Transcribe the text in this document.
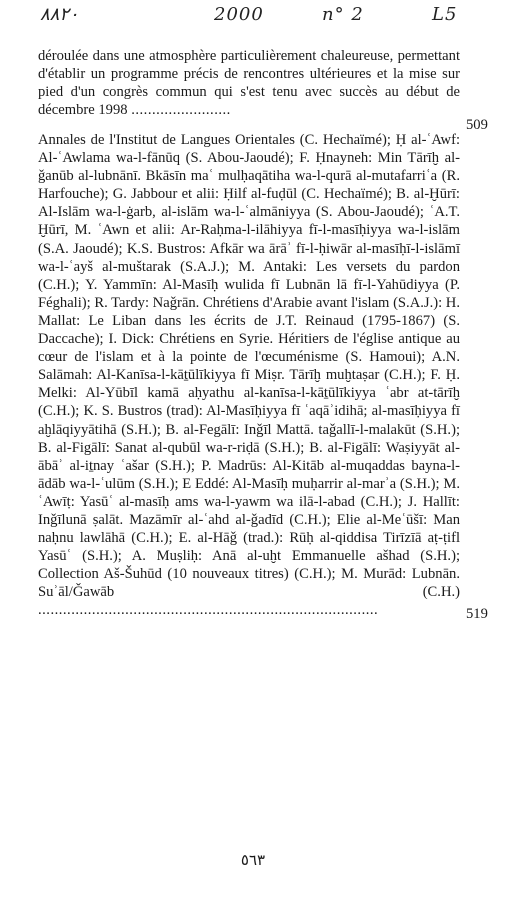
۸۸۲۰	2000	n° 2	L5
déroulée dans une atmosphère particulièrement chaleureuse, permettant d'établir un programme précis de rencontres ultérieures et la mise sur pied d'un congrès commun qui s'est tenu avec succès au début de décembre 1998 ........................
509
Annales de l'Institut de Langues Orientales (C. Hechaïmé); Ḥ al-ʿAwf: Al-ʿAwlama wa-l-fānūq (S. Abou-Jaoudé); F. Ḥnayneh: Min Tārīḫ al-ǧanūb al-lubnānī. Bkāsīn maʿ mulḥaqātiha wa-l-qurā al-mutafarriʿa (R. Harfouche); G. Jabbour et alii: Ḥilf al-fuḍūl (C. Hechaïmé); B. al-Ḫūrī: Al-Islām wa-l-ġarb, al-islām wa-l-ʿalmāniyya (S. Abou-Jaoudé); ʿA.T. Ḫūrī, M. ʿAwn et alii: Ar-Raḥma-l-ilāhiyya fī-l-masīḥiyya wa-l-islām (S.A. Jaoudé); K.S. Bustros: Afkār wa ārāʾ fī-l-ḥiwār al-masīḥī-l-islāmī wa-l-ʿayš al-muštarak (S.A.J.); M. Antaki: Les versets du pardon (C.H.); Y. Yammīn: Al-Masīḥ wulida fī Lubnān lā fī-l-Yahūdiyya (P. Féghali); R. Tardy: Naǧrān. Chrétiens d'Arabie avant l'islam (S.A.J.): H. Mallat: Le Liban dans les écrits de J.T. Reinaud (1795-1867) (S. Daccache); I. Dick: Chrétiens en Syrie. Héritiers de l'église antique au cœur de l'islam et à la pointe de l'œcuménisme (S. Hamoui); A.N. Salāmah: Al-Kanīsa-l-kāṯūlīkiyya fī Miṣr. Tārīḫ muḫtaṣar (C.H.); F. Ḥ. Melki: Al-Yūbīl kamā aḥyathu al-kanīsa-l-kāṯūlīkiyya ʿabr at-tārīḫ (C.H.); K. S. Bustros (trad): Al-Masīḥiyya fī ʿaqāʾidihā; al-masīḥiyya fī aḫlāqiyyātihā (S.H.); B. al-Fegālī: Inǧīl Mattā. taǧallī-l-malakūt (S.H.); B. al-Figālī: Sanat al-qubūl wa-r-riḍā (S.H.); B. al-Figālī: Waṣiyyāt al-ābāʾ al-iṯnay ʿašar (S.H.); P. Madrūs: Al-Kitāb al-muqaddas bayna-l-ādāb wa-l-ʿulūm (S.H.); E Eddé: Al-Masīḥ muḥarrir al-marʾa (S.H.); M. ʿAwīṭ: Yasūʿ al-masīḥ ams wa-l-yawm wa ilā-l-abad (C.H.); J. Hallīt: Inǧīlunā ṣalāt. Mazāmīr al-ʿahd al-ǧadīd (C.H.); Elie al-Meʿūšī: Man naḥnu lawlāhā (C.H.); E. al-Hāǧ (trad.): Rūḥ al-qiddisa Tirīzīā aṭ-ṭifl Yasūʿ (S.H.); A. Muṣliḥ: Anā al-uḫt Emmanuelle ašhad (S.H.); Collection Aš-Šuhūd (10 nouveaux titres) (C.H.); M. Murād: Lubnān. Suʾāl/Ǧawāb (C.H.) ..................................................................................	519
٥٦٣
